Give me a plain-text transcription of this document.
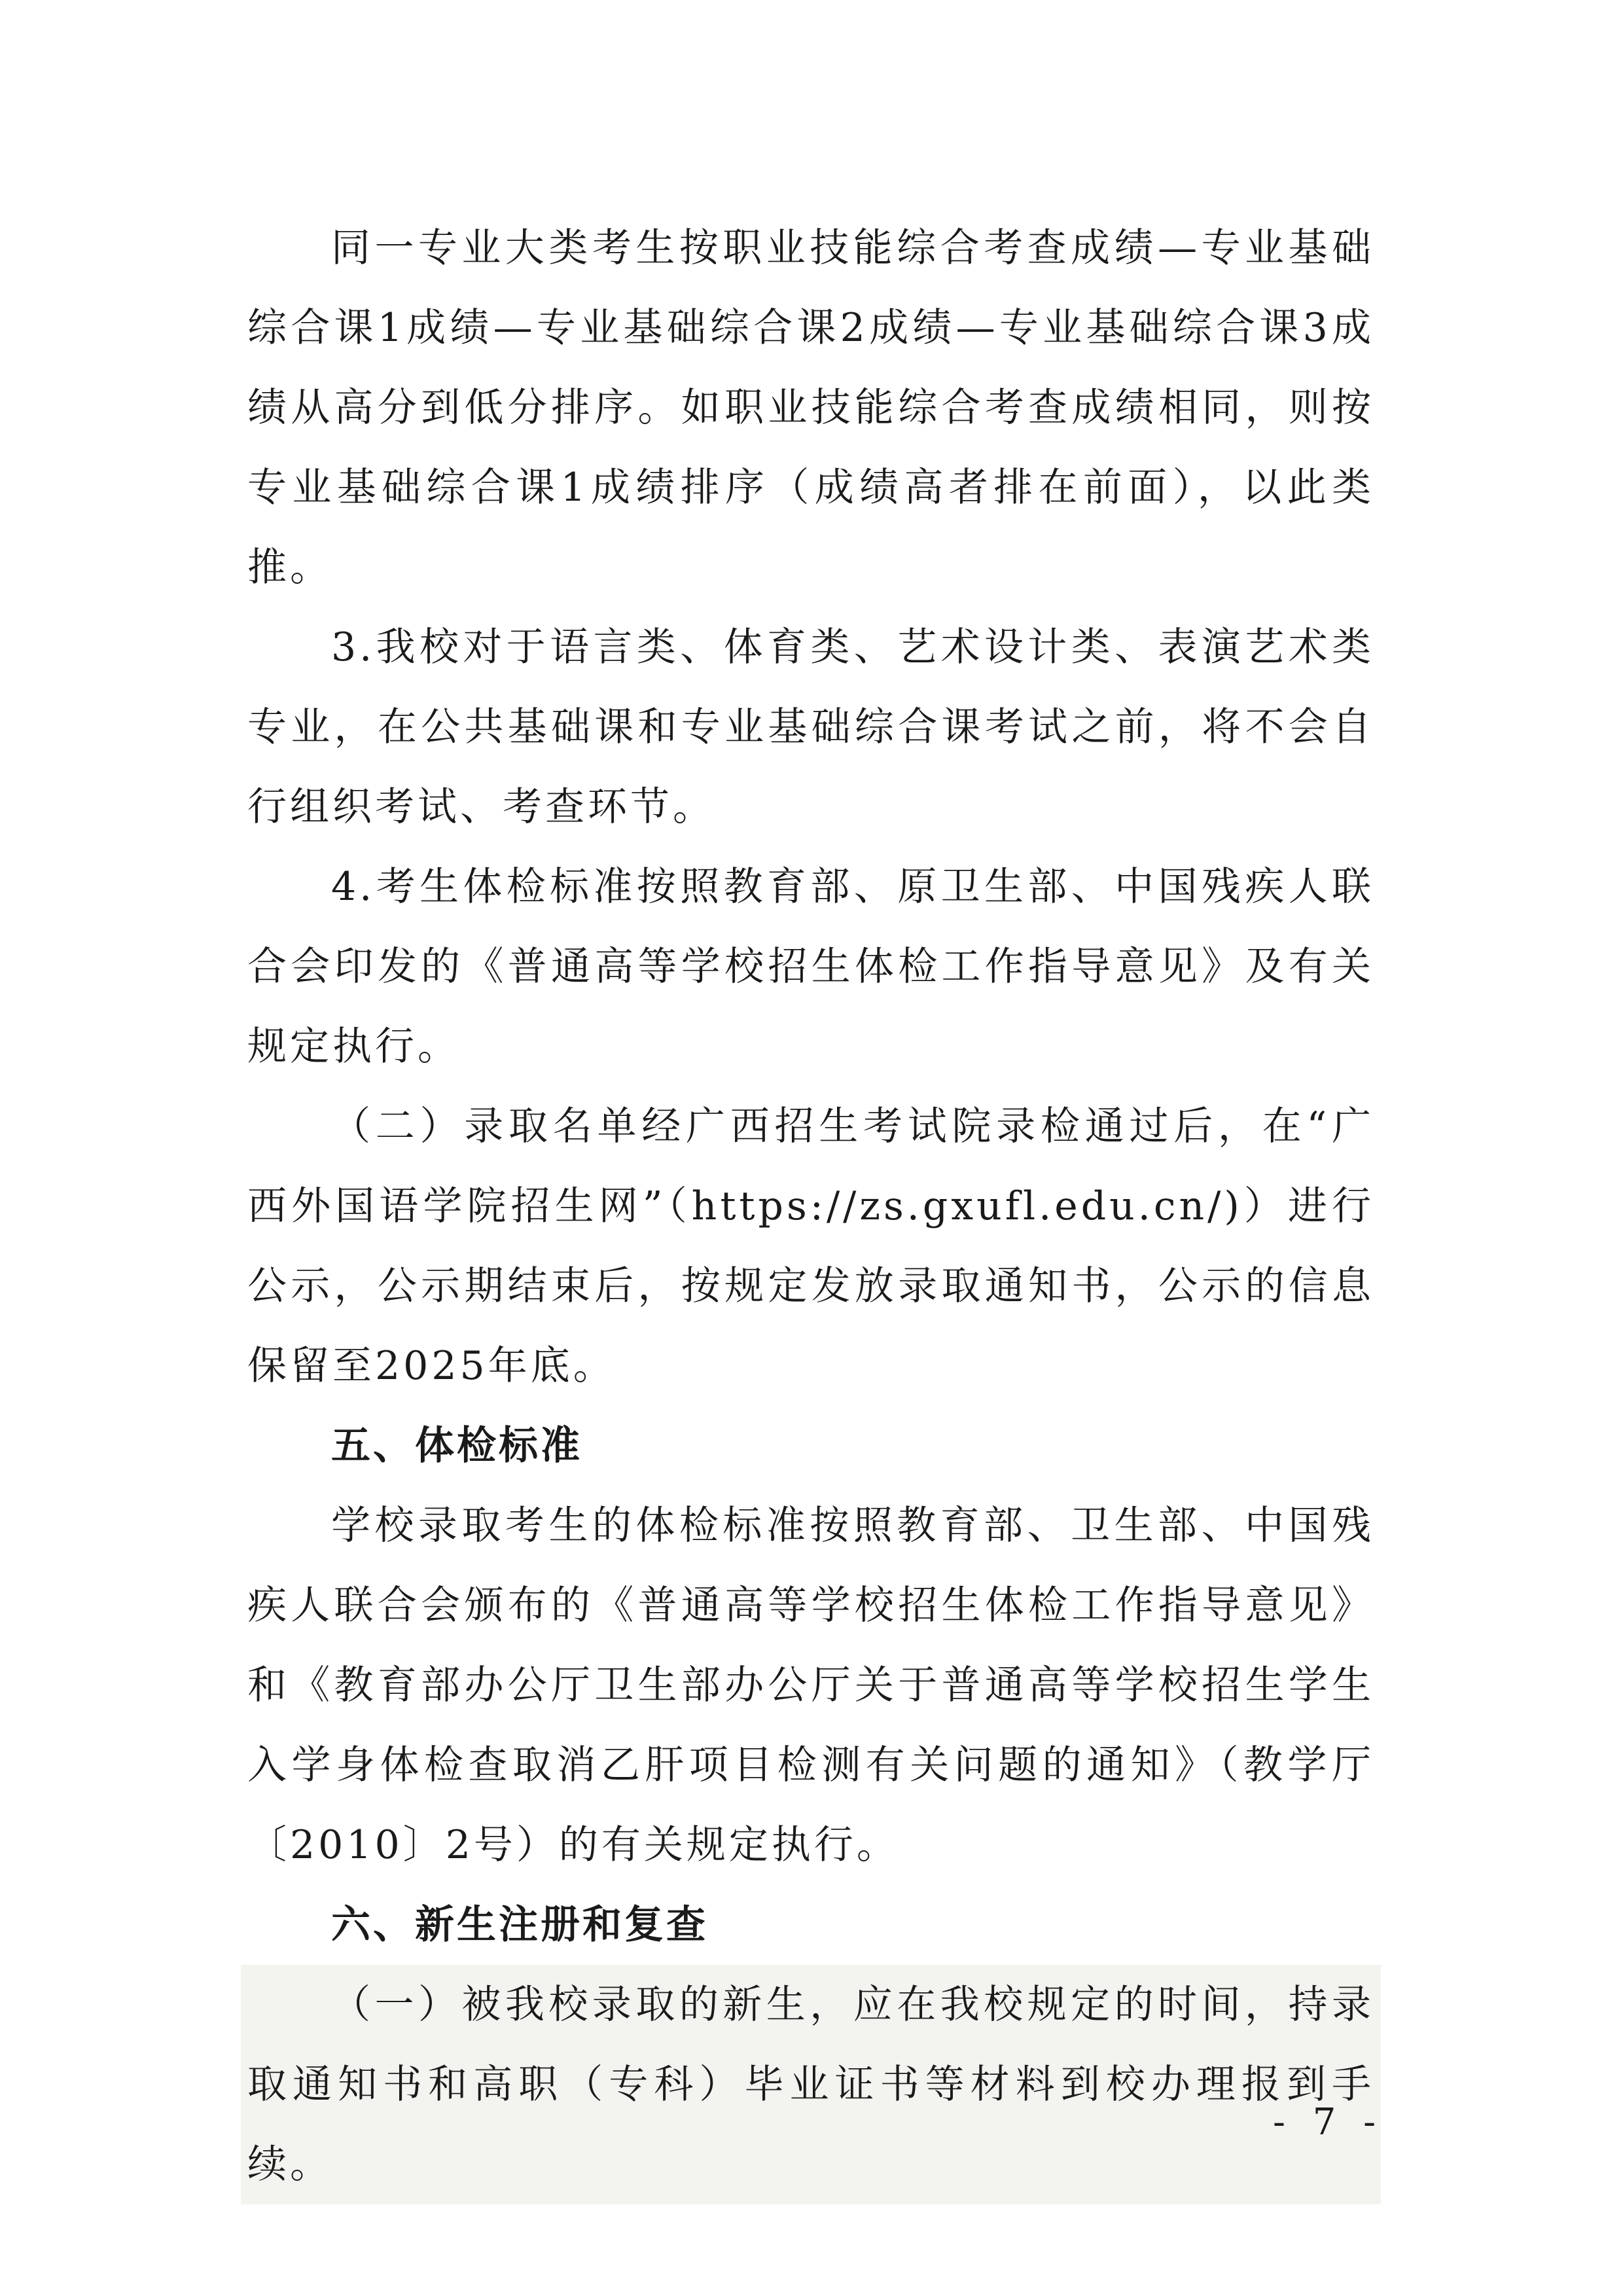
同一专业大类考生按职业技能综合考查成绩—专业基础综合课1成绩—专业基础综合课2成绩—专业基础综合课3成绩从高分到低分排序。如职业技能综合考查成绩相同，则按专业基础综合课1成绩排序（成绩高者排在前面），以此类推。

3.我校对于语言类、体育类、艺术设计类、表演艺术类专业，在公共基础课和专业基础综合课考试之前，将不会自行组织考试、考查环节。

4.考生体检标准按照教育部、原卫生部、中国残疾人联合会印发的《普通高等学校招生体检工作指导意见》及有关规定执行。

（二）录取名单经广西招生考试院录检通过后，在“广西外国语学院招生网”（https://zs.gxufl.edu.cn/)）进行公示，公示期结束后，按规定发放录取通知书，公示的信息保留至2025年底。

五、体检标准

学校录取考生的体检标准按照教育部、卫生部、中国残疾人联合会颁布的《普通高等学校招生体检工作指导意见》和《教育部办公厅卫生部办公厅关于普通高等学校招生学生入学身体检查取消乙肝项目检测有关问题的通知》（教学厅〔2010〕2号）的有关规定执行。

六、新生注册和复查

（一）被我校录取的新生，应在我校规定的时间，持录取通知书和高职（专科）毕业证书等材料到校办理报到手续。

- 7 -
